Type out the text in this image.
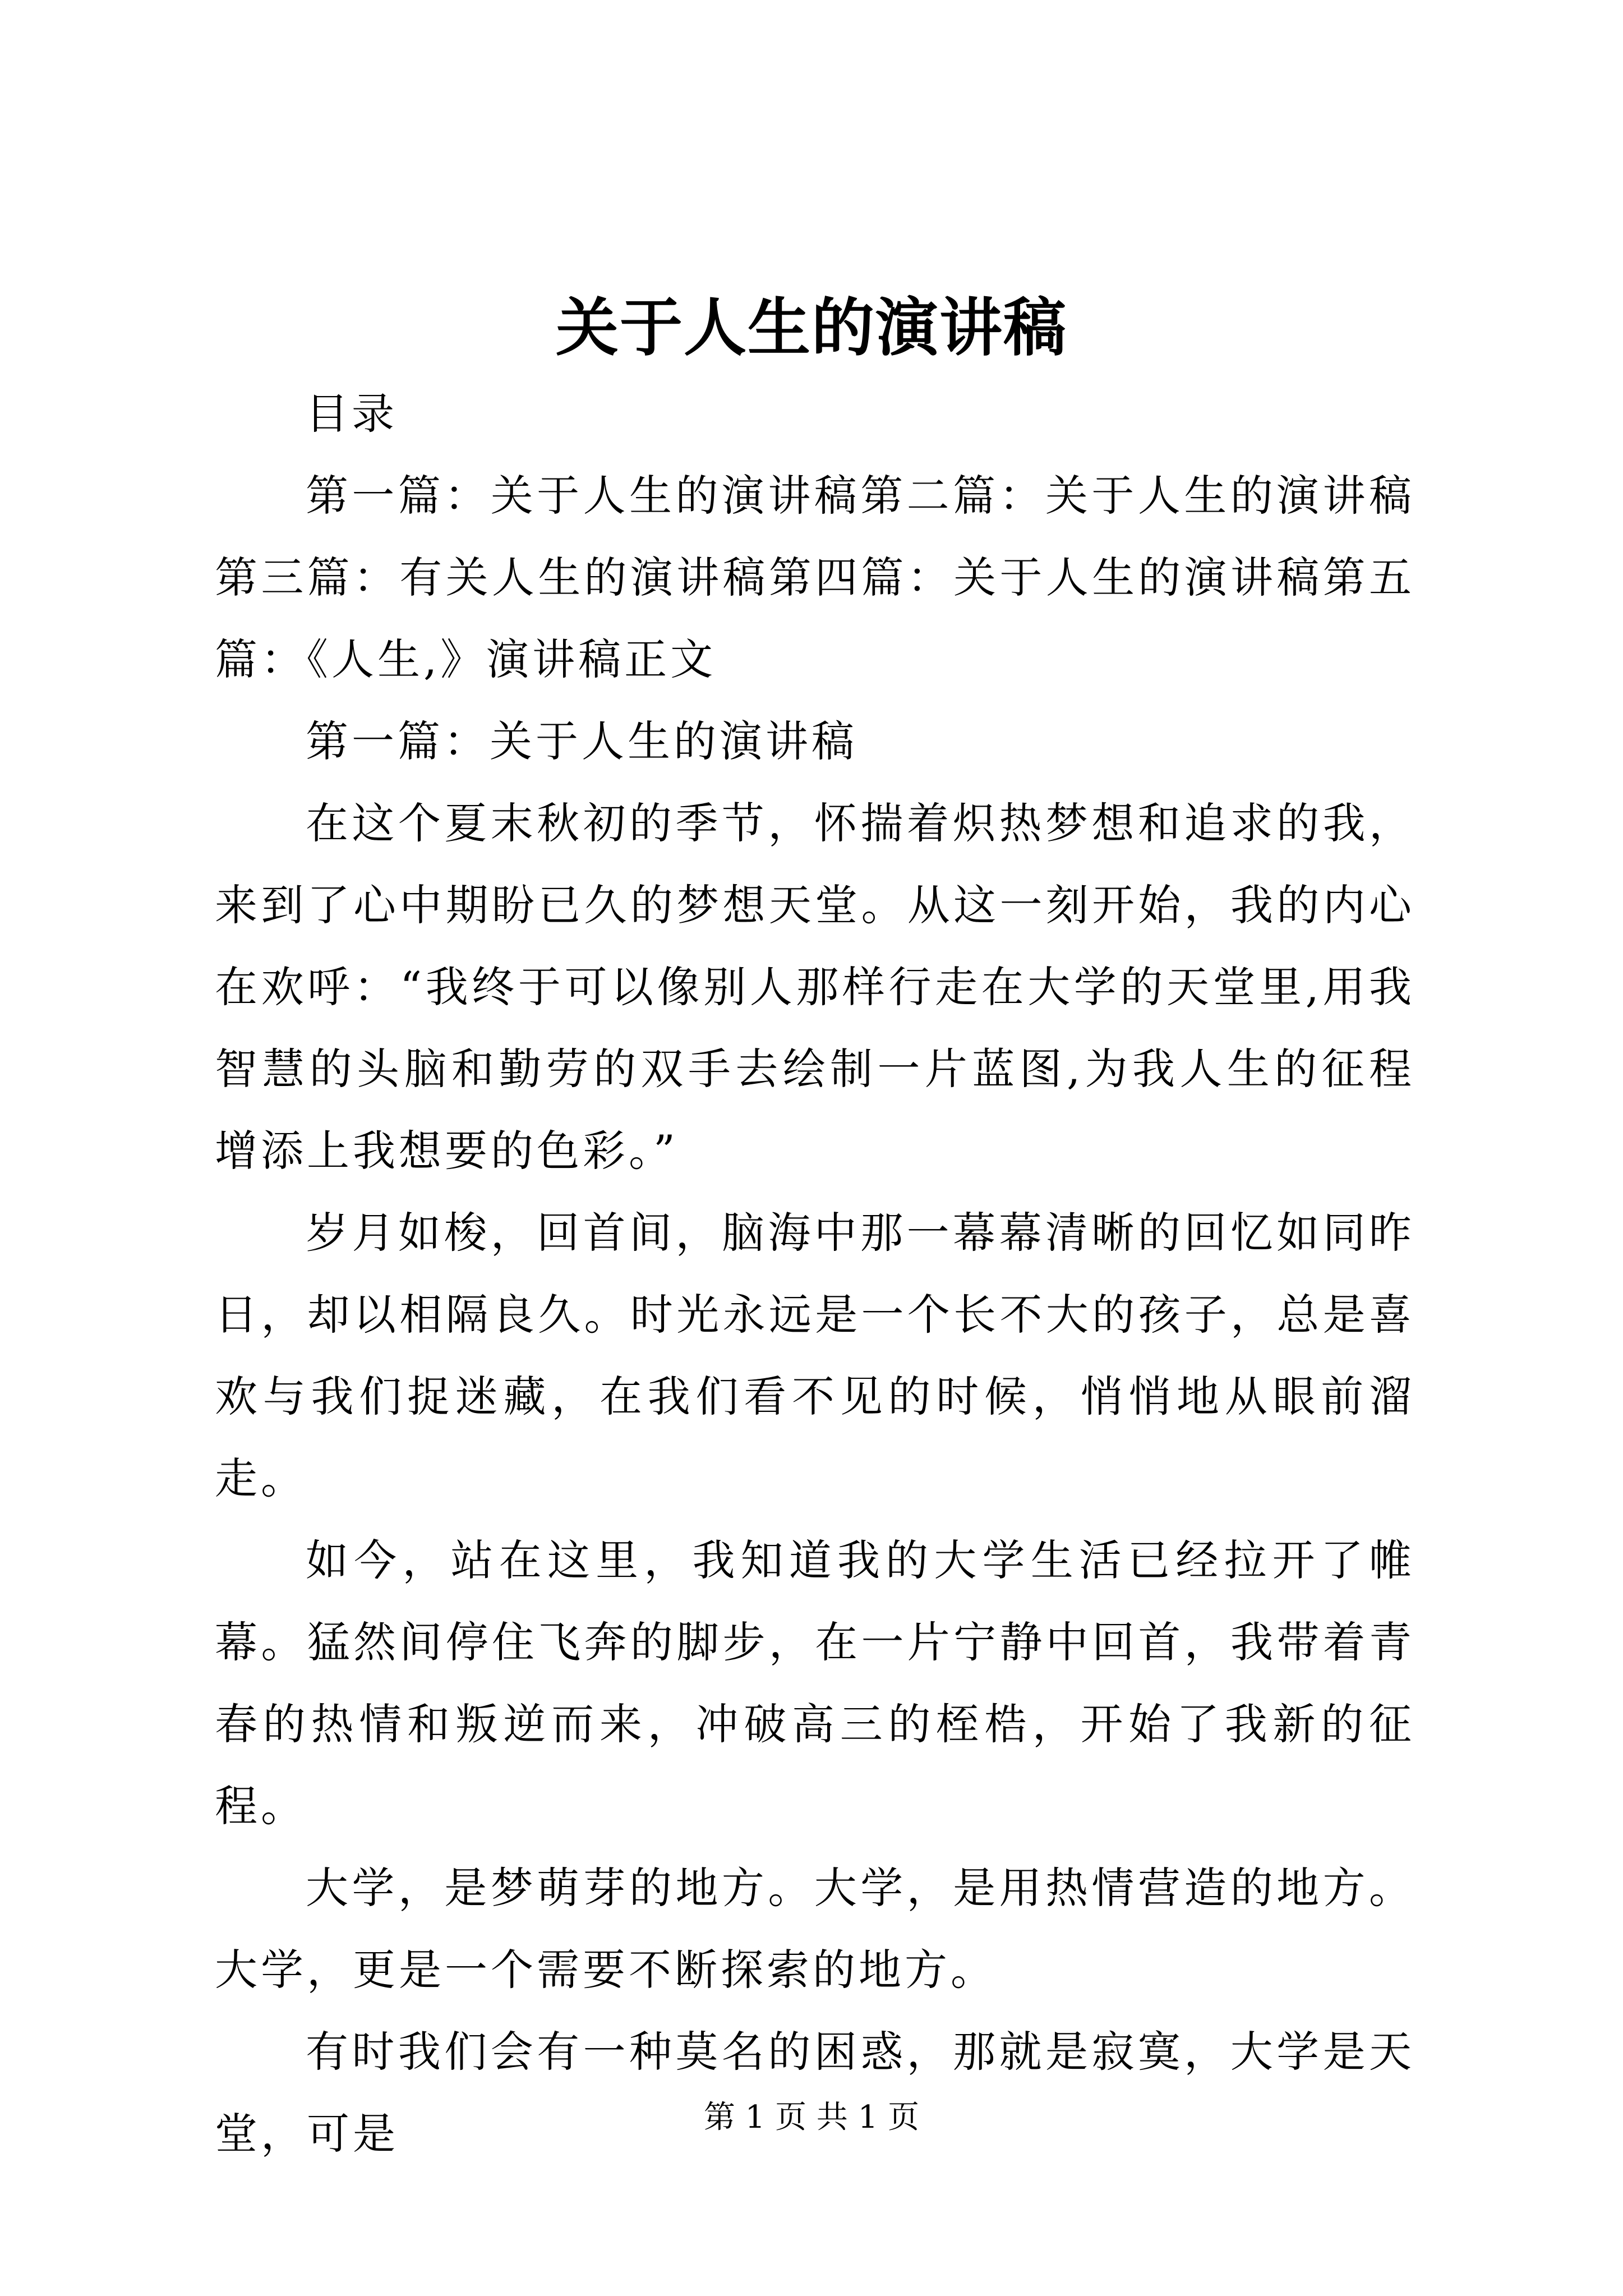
关于人生的演讲稿

目录

第一篇：关于人生的演讲稿第二篇：关于人生的演讲稿第三篇：有关人生的演讲稿第四篇：关于人生的演讲稿第五篇：《人生,》演讲稿正文

第一篇：关于人生的演讲稿

在这个夏末秋初的季节，怀揣着炽热梦想和追求的我，来到了心中期盼已久的梦想天堂。从这一刻开始，我的内心在欢呼：“我终于可以像别人那样行走在大学的天堂里,用我智慧的头脑和勤劳的双手去绘制一片蓝图,为我人生的征程增添上我想要的色彩。”

岁月如梭，回首间，脑海中那一幕幕清晰的回忆如同昨日，却以相隔良久。时光永远是一个长不大的孩子，总是喜欢与我们捉迷藏，在我们看不见的时候，悄悄地从眼前溜走。

如今，站在这里，我知道我的大学生活已经拉开了帷幕。猛然间停住飞奔的脚步，在一片宁静中回首，我带着青春的热情和叛逆而来，冲破高三的桎梏，开始了我新的征程。

大学，是梦萌芽的地方。大学，是用热情营造的地方。大学，更是一个需要不断探索的地方。

有时我们会有一种莫名的困惑，那就是寂寞，大学是天堂，可是	第 1 页 共 1 页
